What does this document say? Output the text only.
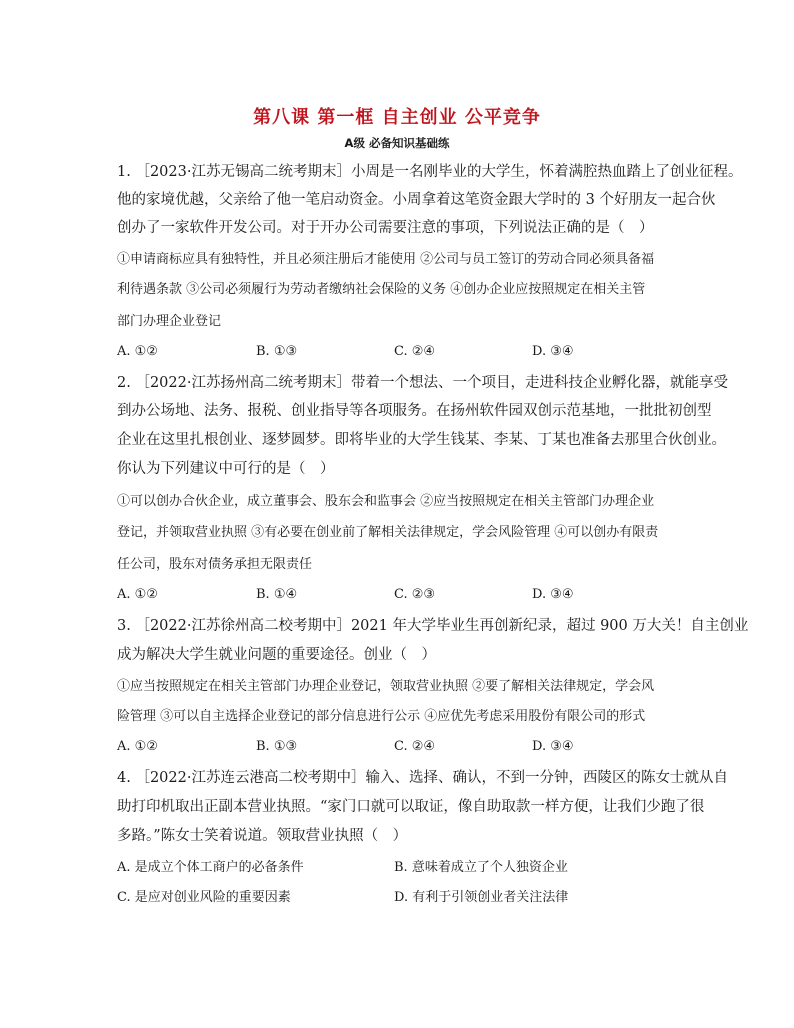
第八课 第一框 自主创业 公平竞争
A级 必备知识基础练
1. ［2023·江苏无锡高二统考期末］小周是一名刚毕业的大学生，怀着满腔热血踏上了创业征程。
他的家境优越，父亲给了他一笔启动资金。小周拿着这笔资金跟大学时的 3 个好朋友一起合伙
创办了一家软件开发公司。对于开办公司需要注意的事项，下列说法正确的是（　）
①申请商标应具有独特性，并且必须注册后才能使用 ②公司与员工签订的劳动合同必须具备福
利待遇条款 ③公司必须履行为劳动者缴纳社会保险的义务 ④创办企业应按照规定在相关主管
部门办理企业登记
A. ①②	B. ①③	C. ②④	D. ③④
2. ［2022·江苏扬州高二统考期末］带着一个想法、一个项目，走进科技企业孵化器，就能享受
到办公场地、法务、报税、创业指导等各项服务。在扬州软件园双创示范基地，一批批初创型
企业在这里扎根创业、逐梦圆梦。即将毕业的大学生钱某、李某、丁某也准备去那里合伙创业。
你认为下列建议中可行的是（　）
①可以创办合伙企业，成立董事会、股东会和监事会 ②应当按照规定在相关主管部门办理企业
登记，并领取营业执照 ③有必要在创业前了解相关法律规定，学会风险管理 ④可以创办有限责
任公司，股东对债务承担无限责任
A. ①②	B. ①④	C. ②③	D. ③④
3. ［2022·江苏徐州高二校考期中］2021 年大学毕业生再创新纪录，超过 900 万大关！自主创业
成为解决大学生就业问题的重要途径。创业（　）
①应当按照规定在相关主管部门办理企业登记，领取营业执照 ②要了解相关法律规定，学会风
险管理 ③可以自主选择企业登记的部分信息进行公示 ④应优先考虑采用股份有限公司的形式
A. ①②	B. ①③	C. ②④	D. ③④
4. ［2022·江苏连云港高二校考期中］输入、选择、确认，不到一分钟，西陵区的陈女士就从自
助打印机取出正副本营业执照。“家门口就可以取证，像自助取款一样方便，让我们少跑了很
多路。”陈女士笑着说道。领取营业执照（　）
A. 是成立个体工商户的必备条件	B. 意味着成立了个人独资企业
C. 是应对创业风险的重要因素	D. 有利于引领创业者关注法律
